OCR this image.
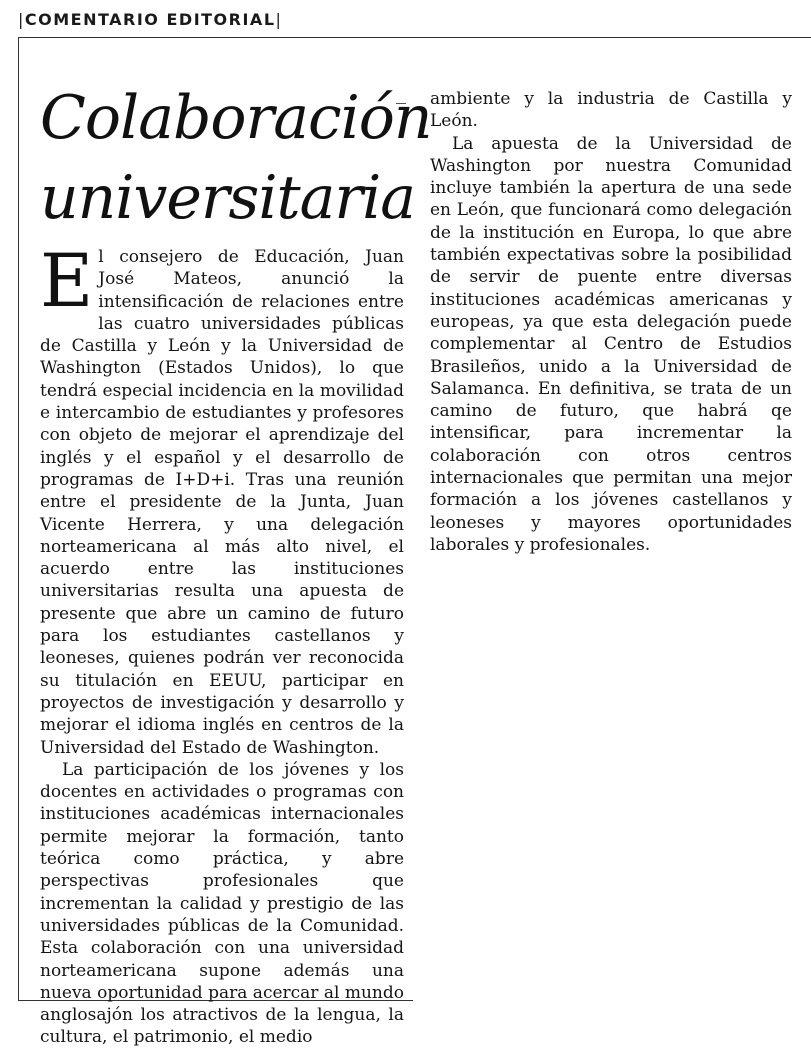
|COMENTARIO EDITORIAL|
Colaboración universitaria

El consejero de Educación, Juan José Mateos, anunció la intensificación de relaciones entre las cuatro universidades públicas de Castilla y León y la Universidad de Washington (Estados Unidos), lo que tendrá especial incidencia en la movilidad e intercambio de estudiantes y profesores con objeto de mejorar el aprendizaje del inglés y el español y el desarrollo de programas de I+D+i. Tras una reunión entre el presidente de la Junta, Juan Vicente Herrera, y una delegación norteamericana al más alto nivel, el acuerdo entre las instituciones universitarias resulta una apuesta de presente que abre un camino de futuro para los estudiantes castellanos y leoneses, quienes podrán ver reconocida su titulación en EEUU, participar en proyectos de investigación y desarrollo y mejorar el idioma inglés en centros de la Universidad del Estado de Washington.

La participación de los jóvenes y los docentes en actividades o programas con instituciones académicas internacionales permite mejorar la formación, tanto teórica como práctica, y abre perspectivas profesionales que incrementan la calidad y prestigio de las universidades públicas de la Comunidad. Esta colaboración con una universidad norteamericana supone además una nueva oportunidad para acercar al mundo anglosajón los atractivos de la lengua, la cultura, el patrimonio, el medio

ambiente y la industria de Castilla y León.

La apuesta de la Universidad de Washington por nuestra Comunidad incluye también la apertura de una sede en León, que funcionará como delegación de la institución en Europa, lo que abre también expectativas sobre la posibilidad de servir de puente entre diversas instituciones académicas americanas y europeas, ya que esta delegación puede complementar al Centro de Estudios Brasileños, unido a la Universidad de Salamanca. En definitiva, se trata de un camino de futuro, que habrá qe intensificar, para incrementar la colaboración con otros centros internacionales que permitan una mejor formación a los jóvenes castellanos y leoneses y mayores oportunidades laborales y profesionales.
